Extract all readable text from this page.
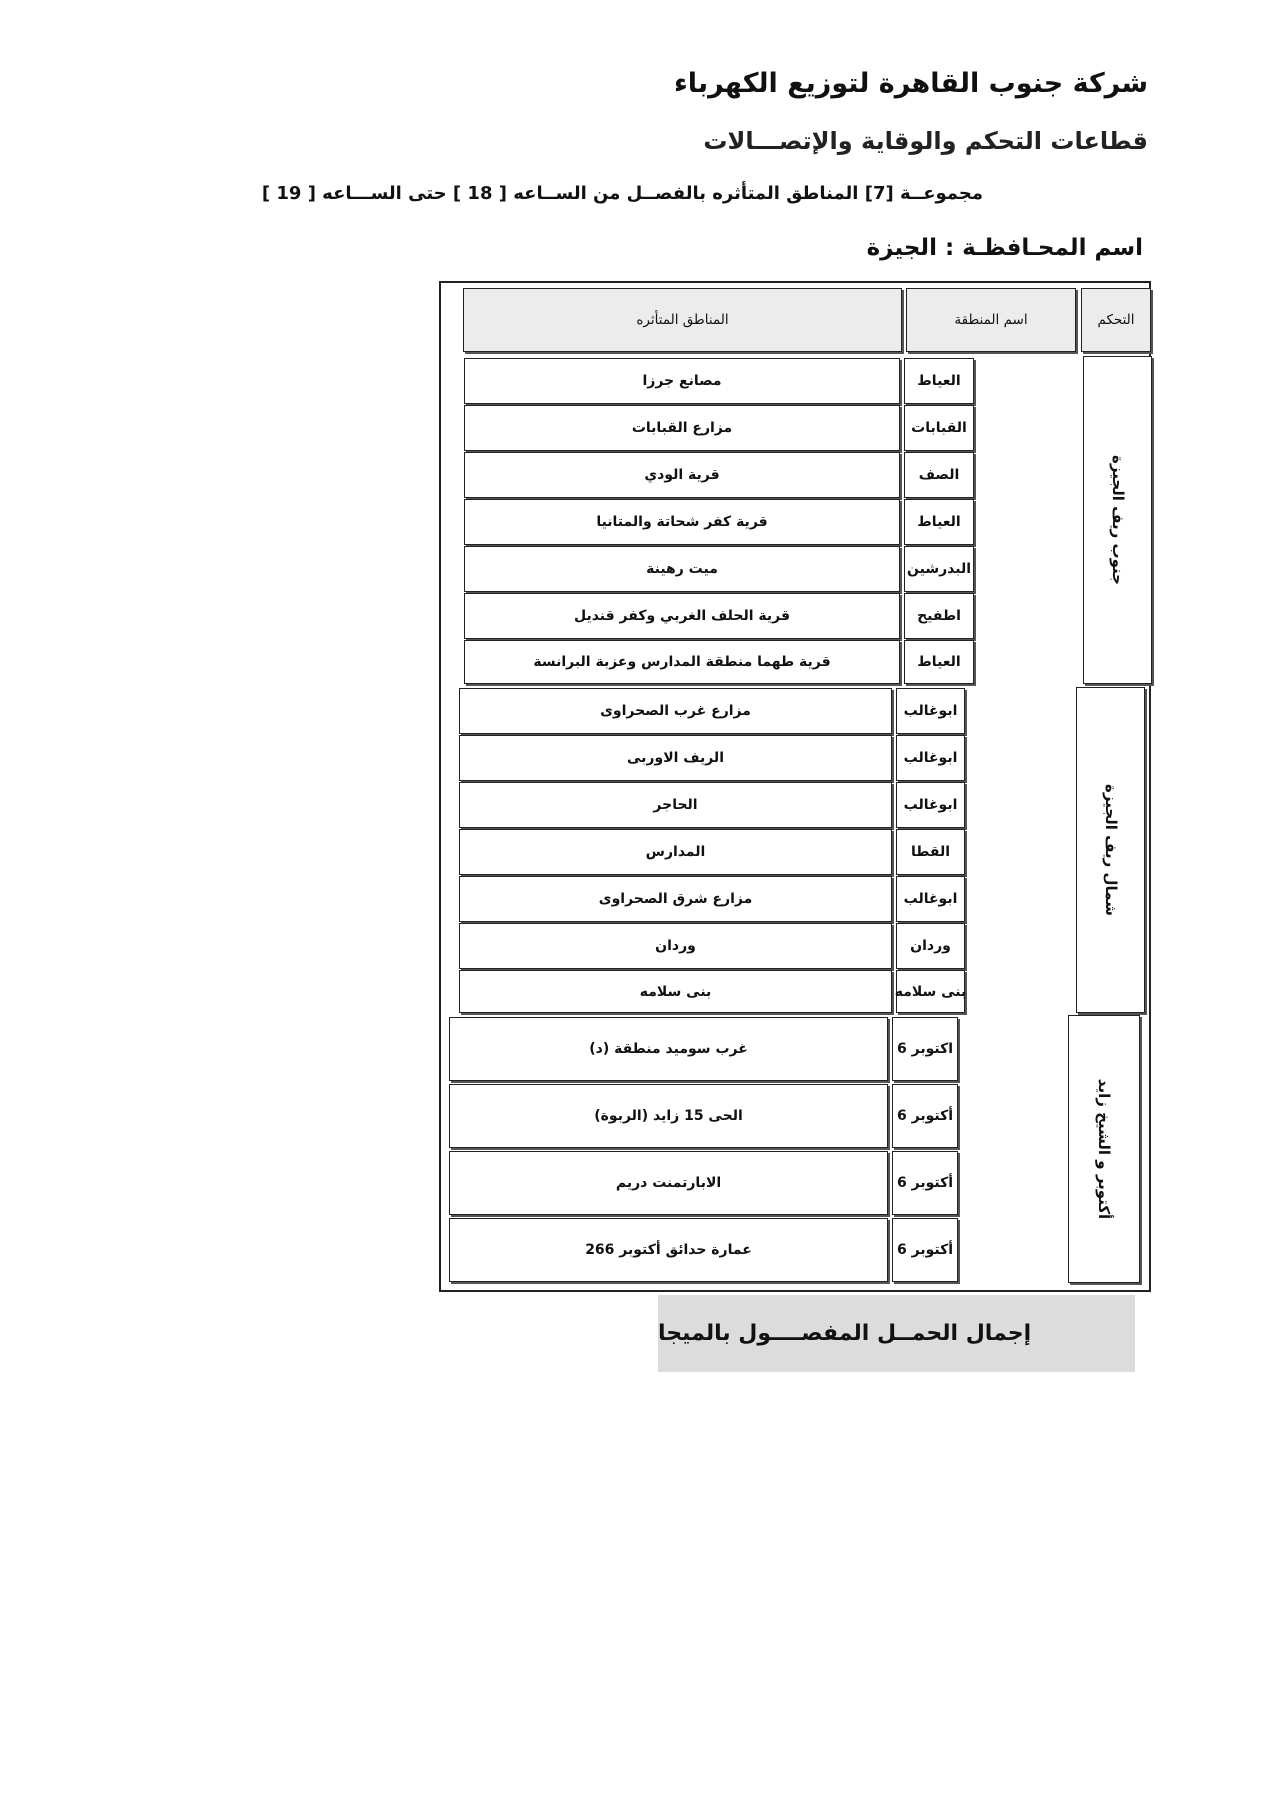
شركة جنوب القاهرة لتوزيع الكهرباء
قطاعات التحكم والوقاية والإتصـــالات
مجموعــة [7] المناطق المتأثره بالفصــل من الســاعه [ 18 ] حتى الســـاعه [ 19 ]
اسم المحـافظـة : الجيزة
التحكم
اسم المنطقة
المناطق المتأثره
جنوب ريف الجيزة
العياط
مصانع جرزا
القبابات
مزارع القبابات
الصف
قرية الودي
العياط
قرية كفر شحاتة والمتانيا
البدرشين
ميت رهينة
اطفيح
قرية الحلف الغربي وكفر قنديل
العياط
قرية طهما منطقة المدارس وعزبة البرانسة
شمال ريف الجيزة
ابوغالب
مزارع غرب الصحراوى
ابوغالب
الريف الاوربى
ابوغالب
الحاجر
القطا
المدارس
ابوغالب
مزارع شرق الصحراوى
وردان
وردان
بنى سلامه
بنى سلامه
أكتوبر و الشيخ زايد
اكتوبر 6
غرب سوميد منطقة (د)
أكتوبر 6
الحى 15 زايد (الربوة)
أكتوبر 6
الابارتمنت دريم
أكتوبر 6
عمارة حدائق أكتوبر 266
إجمال الحمــل المفصــــول بالميجا
